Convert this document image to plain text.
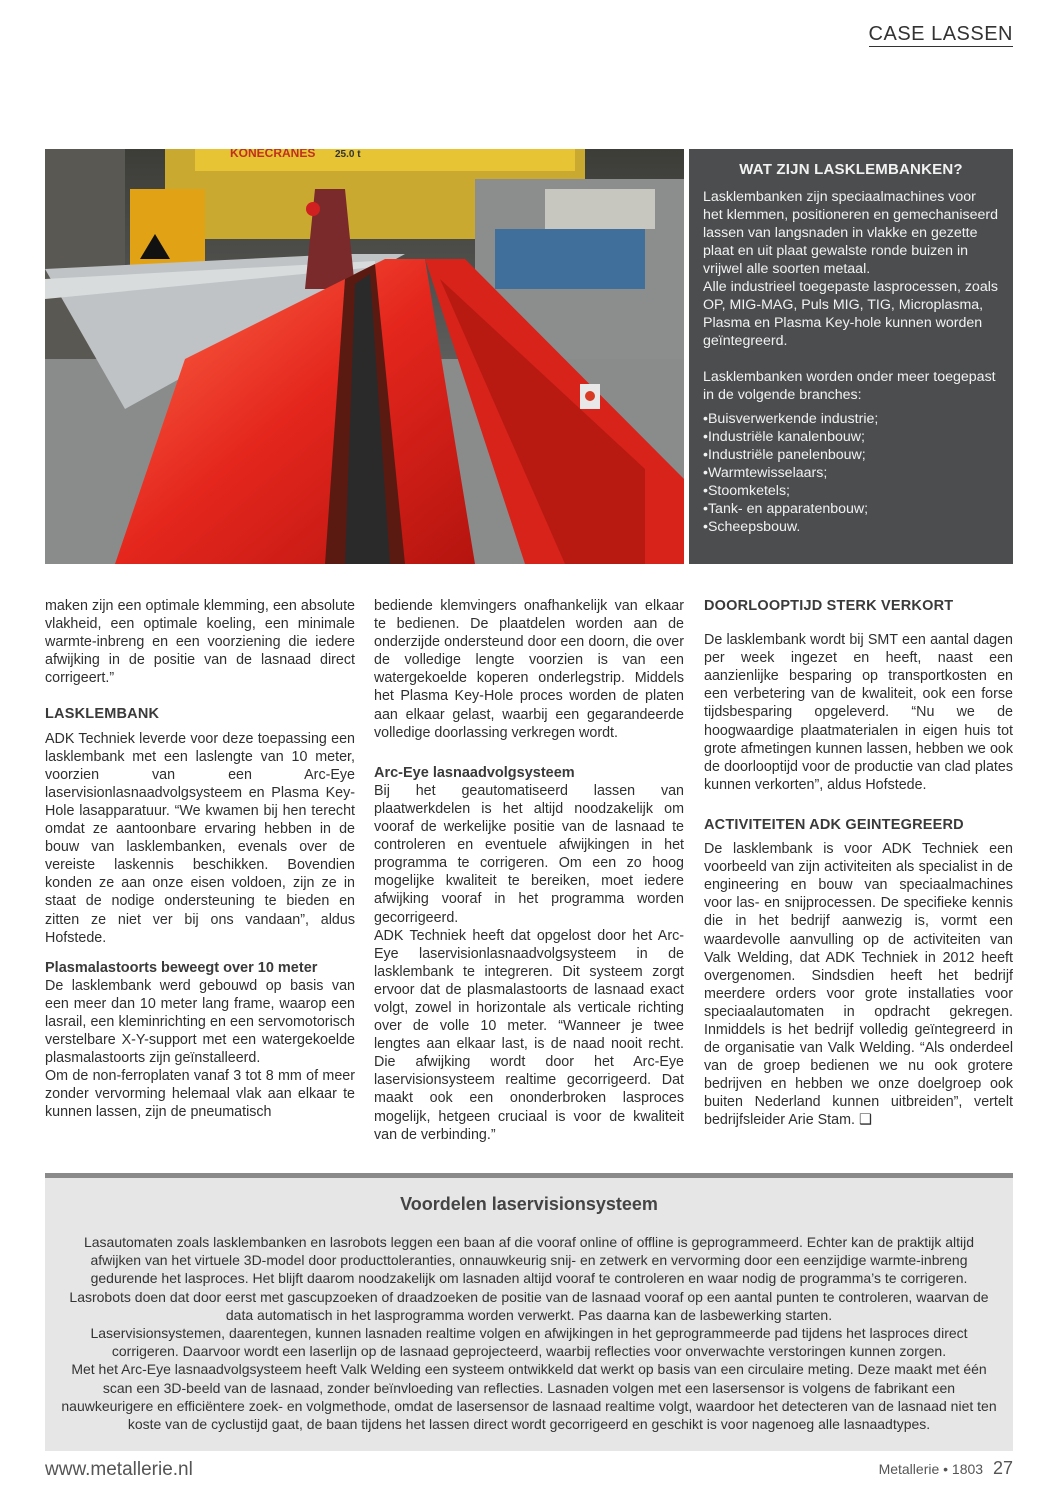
CASE LASSEN
KONECRANES 25.0 t
WAT ZIJN LASKLEMBANKEN?

Lasklembanken zijn speciaalmachines voor het klemmen, positioneren en gemechaniseerd lassen van langsnaden in vlakke en gezette plaat en uit plaat gewalste ronde buizen in vrijwel alle soorten metaal.

Alle industrieel toegepaste lasprocessen, zoals OP, MIG-MAG, Puls MIG, TIG, Microplasma, Plasma en Plasma Key-hole kunnen worden geïntegreerd.

Lasklembanken worden onder meer toegepast in de volgende branches:

• Buisverwerkende industrie;
• Industriële kanalenbouw;
• Industriële panelenbouw;
• Warmtewisselaars;
• Stoomketels;
• Tank- en apparatenbouw;
• Scheepsbouw.

maken zijn een optimale klemming, een absolute vlakheid, een optimale koeling, een minimale warmte-inbreng en een voorziening die iedere afwijking in de positie van de lasnaad direct corrigeert.”

LASKLEMBANK

ADK Techniek leverde voor deze toepassing een lasklembank met een laslengte van 10 meter, voorzien van een Arc-Eye laservisionlasnaadvolgsysteem en Plasma Key-Hole lasapparatuur. “We kwamen bij hen terecht omdat ze aantoonbare ervaring hebben in de bouw van lasklembanken, evenals over de vereiste laskennis beschikken. Bovendien konden ze aan onze eisen voldoen, zijn ze in staat de nodige ondersteuning te bieden en zitten ze niet ver bij ons vandaan”, aldus Hofstede.

Plasmalastoorts beweegt over 10 meter

De lasklembank werd gebouwd op basis van een meer dan 10 meter lang frame, waarop een lasrail, een kleminrichting en een servomotorisch verstelbare X-Y-support met een watergekoelde plasmalastoorts zijn geïnstalleerd.

Om de non-ferroplaten vanaf 3 tot 8 mm of meer zonder vervorming helemaal vlak aan elkaar te kunnen lassen, zijn de pneumatisch

bediende klemvingers onafhankelijk van elkaar te bedienen. De plaatdelen worden aan de onderzijde ondersteund door een doorn, die over de volledige lengte voorzien is van een watergekoelde koperen onderlegstrip. Middels het Plasma Key-Hole proces worden de platen aan elkaar gelast, waarbij een gegarandeerde volledige doorlassing verkregen wordt.

Arc-Eye lasnaadvolgsysteem

Bij het geautomatiseerd lassen van plaatwerkdelen is het altijd noodzakelijk om vooraf de werkelijke positie van de lasnaad te controleren en eventuele afwijkingen in het programma te corrigeren. Om een zo hoog mogelijke kwaliteit te bereiken, moet iedere afwijking vooraf in het programma worden gecorrigeerd.

ADK Techniek heeft dat opgelost door het Arc-Eye laservisionlasnaadvolgsysteem in de lasklembank te integreren. Dit systeem zorgt ervoor dat de plasmalastoorts de lasnaad exact volgt, zowel in horizontale als verticale richting over de volle 10 meter. “Wanneer je twee lengtes aan elkaar last, is de naad nooit recht. Die afwijking wordt door het Arc-Eye laservisionsysteem realtime gecorrigeerd. Dat maakt ook een ononderbroken lasproces mogelijk, hetgeen cruciaal is voor de kwaliteit van de verbinding.”

DOORLOOPTIJD STERK VERKORT

De lasklembank wordt bij SMT een aantal dagen per week ingezet en heeft, naast een aanzienlijke besparing op transportkosten en een verbetering van de kwaliteit, ook een forse tijdsbesparing opgeleverd. “Nu we de hoogwaardige plaatmaterialen in eigen huis tot grote afmetingen kunnen lassen, hebben we ook de doorlooptijd voor de productie van clad plates kunnen verkorten”, aldus Hofstede.

ACTIVITEITEN ADK GEINTEGREERD

De lasklembank is voor ADK Techniek een voorbeeld van zijn activiteiten als specialist in de engineering en bouw van speciaalmachines voor las- en snijprocessen. De specifieke kennis die in het bedrijf aanwezig is, vormt een waardevolle aanvulling op de activiteiten van Valk Welding, dat ADK Techniek in 2012 heeft overgenomen. Sindsdien heeft het bedrijf meerdere orders voor grote installaties voor speciaalautomaten in opdracht gekregen. Inmiddels is het bedrijf volledig geïntegreerd in de organisatie van Valk Welding. “Als onderdeel van de groep bedienen we nu ook grotere bedrijven en hebben we onze doelgroep ook buiten Nederland kunnen uitbreiden”, vertelt bedrijfsleider Arie Stam. ❑

Voordelen laservisionsysteem

Lasautomaten zoals lasklembanken en lasrobots leggen een baan af die vooraf online of offline is geprogrammeerd. Echter kan de praktijk altijd afwijken van het virtuele 3D-model door producttoleranties, onnauwkeurig snij- en zetwerk en vervorming door een eenzijdige warmte-inbreng gedurende het lasproces. Het blijft daarom noodzakelijk om lasnaden altijd vooraf te controleren en waar nodig de programma’s te corrigeren. Lasrobots doen dat door eerst met gascupzoeken of draadzoeken de positie van de lasnaad vooraf op een aantal punten te controleren, waarvan de data automatisch in het lasprogramma worden verwerkt. Pas daarna kan de lasbewerking starten.

Laservisionsystemen, daarentegen, kunnen lasnaden realtime volgen en afwijkingen in het geprogrammeerde pad tijdens het lasproces direct corrigeren. Daarvoor wordt een laserlijn op de lasnaad geprojecteerd, waarbij reflecties voor onverwachte verstoringen kunnen zorgen.

Met het Arc-Eye lasnaadvolgsysteem heeft Valk Welding een systeem ontwikkeld dat werkt op basis van een circulaire meting. Deze maakt met één scan een 3D-beeld van de lasnaad, zonder beïnvloeding van reflecties. Lasnaden volgen met een lasersensor is volgens de fabrikant een nauwkeurigere en efficiëntere zoek- en volgmethode, omdat de lasersensor de lasnaad realtime volgt, waardoor het detecteren van de lasnaad niet ten koste van de cyclustijd gaat, de baan tijdens het lassen direct wordt gecorrigeerd en geschikt is voor nagenoeg alle lasnaadtypes.

www.metallerie.nl	Metallerie • 1803 27
